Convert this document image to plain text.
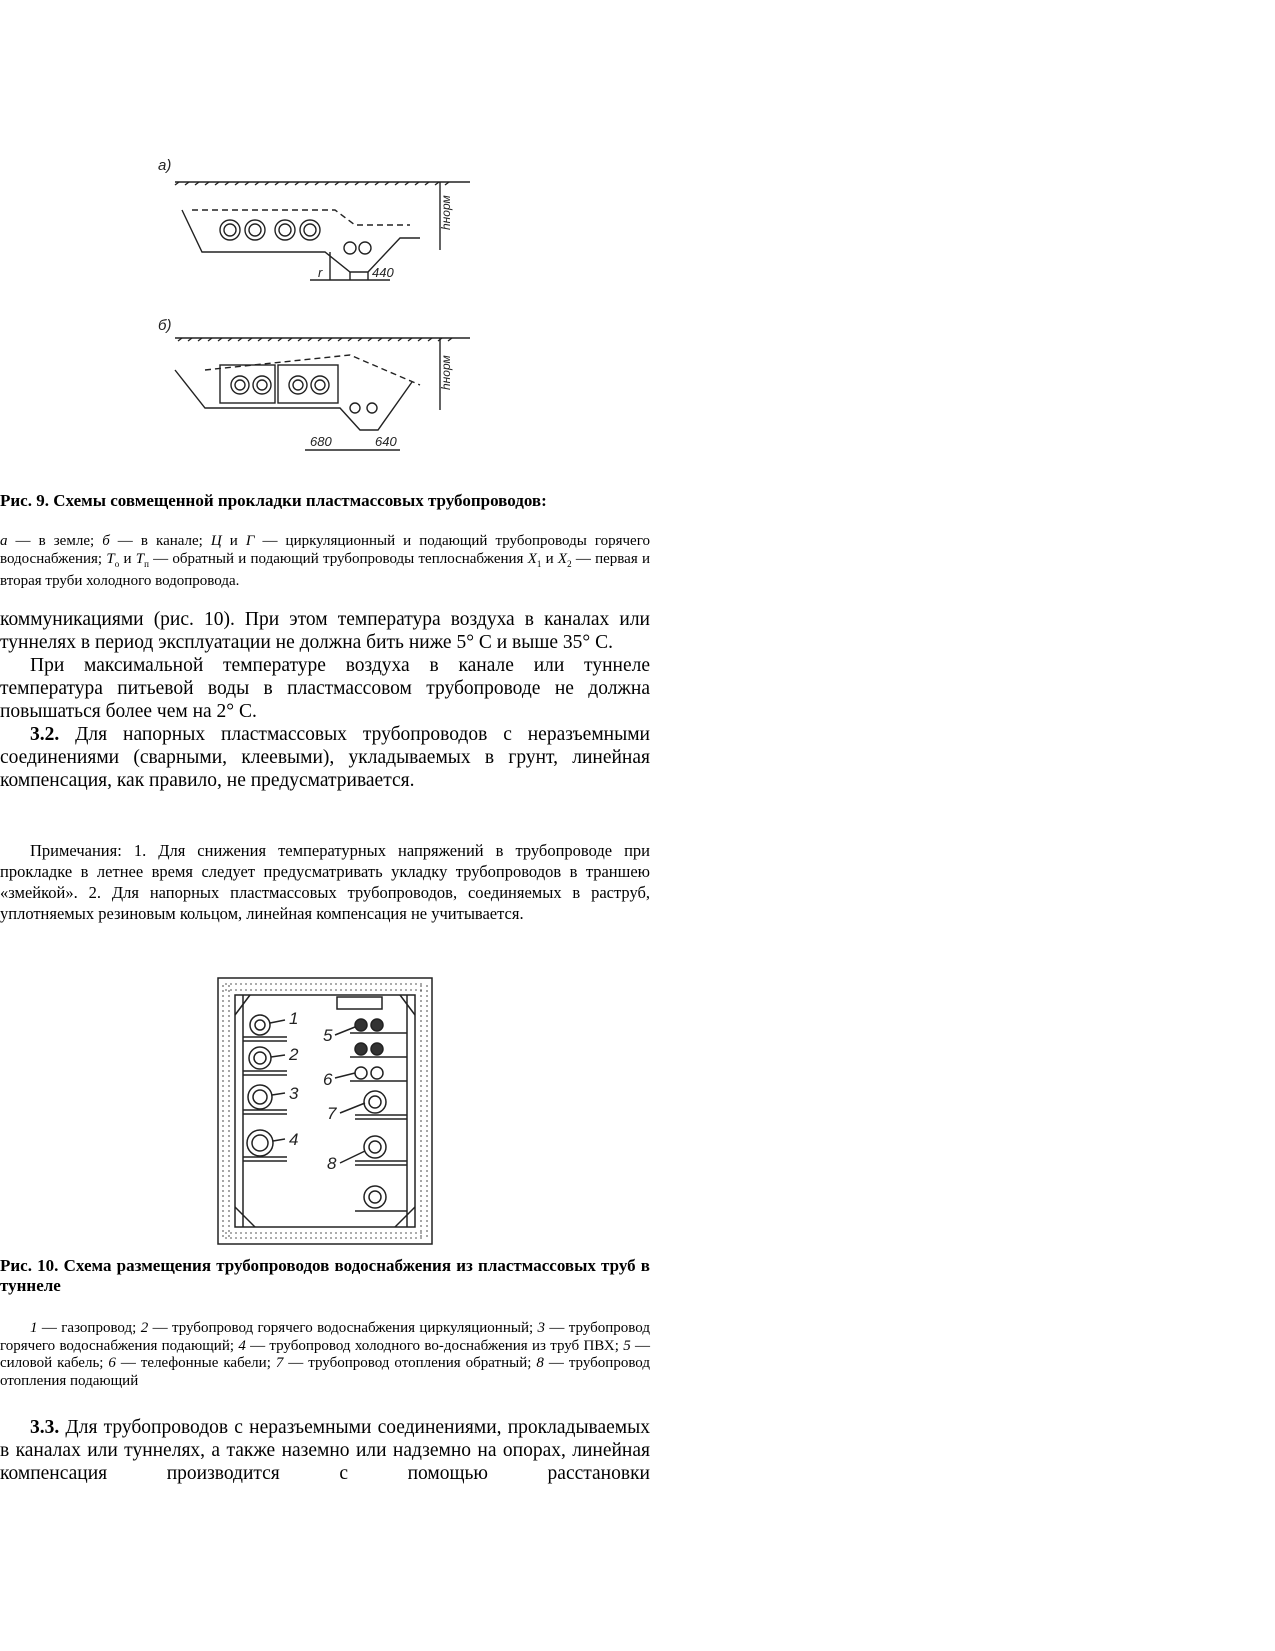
а)
hнорм
r	440
б)
hнорм
680	640
Рис. 9. Схемы совмещенной прокладки пластмассовых трубопроводов:
а — в земле; б — в канале; Ц и Г — циркуляционный и подающий трубопроводы горячего водоснабжения; $Т_о$ и $Т_п$ — обратный и подающий трубопроводы теплоснабжения $Х_1$ и $Х_2$ — первая и вторая труби холодного водопровода.

коммуникациями (рис. 10). При этом температура воздуха в каналах или туннелях в период эксплуатации не должна бить ниже 5° С и выше 35° С.

При максимальной температуре воздуха в канале или туннеле температура питьевой воды в пластмассовом трубопроводе не должна повышаться более чем на 2° С.

3.2. Для напорных пластмассовых трубопроводов с неразъемными соединениями (сварными, клеевыми), укладываемых в грунт, линейная компенсация, как правило, не предусматривается.

Примечания: 1. Для снижения температурных напряжений в трубопроводе при прокладке в летнее время следует предусматривать укладку трубопроводов в траншею «змейкой». 2. Для напорных пластмассовых трубопроводов, соединяемых в раструб, уплотняемых резиновым кольцом, линейная компенсация не учитывается.
1
2
3
4
5
6
7
8
Рис. 10. Схема размещения трубопроводов водоснабжения из пластмассовых труб в туннеле
1 — газопровод; 2 — трубопровод горячего водоснабжения циркуляционный; 3 — трубопровод горячего водоснабжения подающий; 4 — трубопровод холодного во-доснабжения из труб ПВХ; 5 — силовой кабель; 6 — телефонные кабели; 7 — трубопровод отопления обратный; 8 — трубопровод отопления подающий
3.3. Для трубопроводов с неразъемными соединениями, прокладываемых в каналах или туннелях, а также наземно или надземно на опорах, линейная компенсация производится с помощью расстановки
